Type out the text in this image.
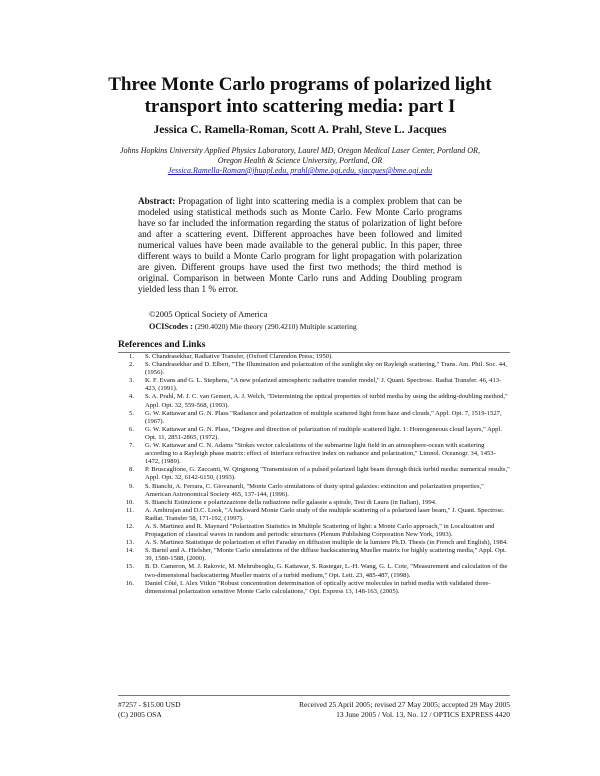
Three Monte Carlo programs of polarized light
transport into scattering media: part I
Jessica C. Ramella-Roman, Scott A. Prahl, Steve L. Jacques
Johns Hopkins University Applied Physics Laboratory, Laurel MD, Oregon Medical Laser Center, Portland OR,
Oregon Health & Science University, Portland, OR
Jessica.Ramella-Roman@jhuapl.edu, prahl@bme.ogi.edu, sjacques@bme.ogi.edu
Abstract: Propagation of light into scattering media is a complex problem that can be modeled using statistical methods such as Monte Carlo. Few Monte Carlo programs have so far included the information regarding the status of polarization of light before and after a scattering event. Different approaches have been followed and limited numerical values have been made available to the general public. In this paper, three different ways to build a Monte Carlo program for light propagation with polarization are given. Different groups have used the first two methods; the third method is original. Comparison in between Monte Carlo runs and Adding Doubling program yielded less than 1 % error.
©2005 Optical Society of America
OCIScodes : (290.4020) Mie theory (290.4210) Multiple scattering
References and Links
1. S. Chandrasekhar, Radiative Transfer, (Oxford Clarendon Press; 1950).
2. S. Chandrasekhar and D. Elbert, "The Illumination and polarization of the sunlight sky on Rayleigh scattering," Trans. Am. Phil. Soc. 44, (1956).
3. K. F. Evans and G. L. Stephens, "A new polarized atmospheric radiative transfer model," J. Quant. Spectrosc. Radiat Transfer. 46, 413-423, (1991).
4. S. A. Prahl, M. J. C. van Gemert, A. J. Welch, "Determining the optical properties of turbid media by using the adding-doubling method," Appl. Opt. 32, 559-568, (1993).
5. G. W. Kattawar and G. N. Plass "Radiance and polarization of multiple scattered light from haze and clouds," Appl. Opt. 7, 1519-1527, (1967).
6. G. W. Kattawar and G. N. Plass, "Degree and direction of polarization of multiple scattered light. 1: Homogeneous cloud layers," Appl. Opt. 11, 2851-2865, (1972).
7. G. W. Kattawar and C. N. Adams "Stokes vector calculations of the submarine light field in an atmosphere-ocean with scattering according to a Rayleigh phase matrix: effect of interface refractive index on radiance and polarization," Limnol. Oceanogr. 34, 1453-1472, (1989).
8. P. Bruscaglione, G. Zaccanti, W. Qingnong "Transmission of a pulsed polarized light beam through thick turbid media: numerical results," Appl. Opt. 32, 6142-6150, (1993).
9. S. Bianchi, A. Ferrara, C. Giovanardi, "Monte Carlo simulations of dusty spiral galaxies: extinction and polarization properties," American Astronomical Society 465, 137-144, (1996).
10. S. Bianchi Estinzione e polarizzazione della radiazione nelle galassie a spirale, Tesi di Laura (in Italian), 1994.
11. A. Ambirajan and D.C. Look, "A backward Monte Carlo study of the multiple scattering of a polarized laser beam," J. Quant. Spectrosc. Radiat. Transfer 58, 171-192, (1997).
12. A. S. Martinez and R. Maynard "Polarization Statistics in Multiple Scattering of light: a Monte Carlo approach," in Localization and Propagation of classical waves in random and periodic structures (Plenum Publishing Corporation New York, 1993).
13. A. S. Martinez Statistique de polarization et effet Faraday en diffusion multiple de la lumiere Ph.D. Thesis (in French and English), 1984.
14. S. Bartel and A. Hielsher, "Monte Carlo simulations of the diffuse backscattering Mueller matrix for highly scattering media," Appl. Opt. 39, 1580-1588, (2000).
15. B. D. Cameron, M. J. Rakovic, M. Mehrubeoglu, G. Kattawar, S. Rastegar, L.-H. Wang, G. L. Cote, "Measurement and calculation of the two-dimensional backscattering Mueller matrix of a turbid medium," Opt. Lett. 23, 485-487, (1998).
16. Daniel Côté, I. Alex Vitkin "Robust concentration determination of optically active molecules in turbid media with validated three-dimensional polarization sensitive Monte Carlo calculations," Opt. Express 13, 148-163, (2005).
#7257 - $15.00 USD
(C) 2005 OSA
Received 25 April 2005; revised 27 May 2005; accepted 29 May 2005
13 June 2005 / Vol. 13, No. 12 / OPTICS EXPRESS 4420
